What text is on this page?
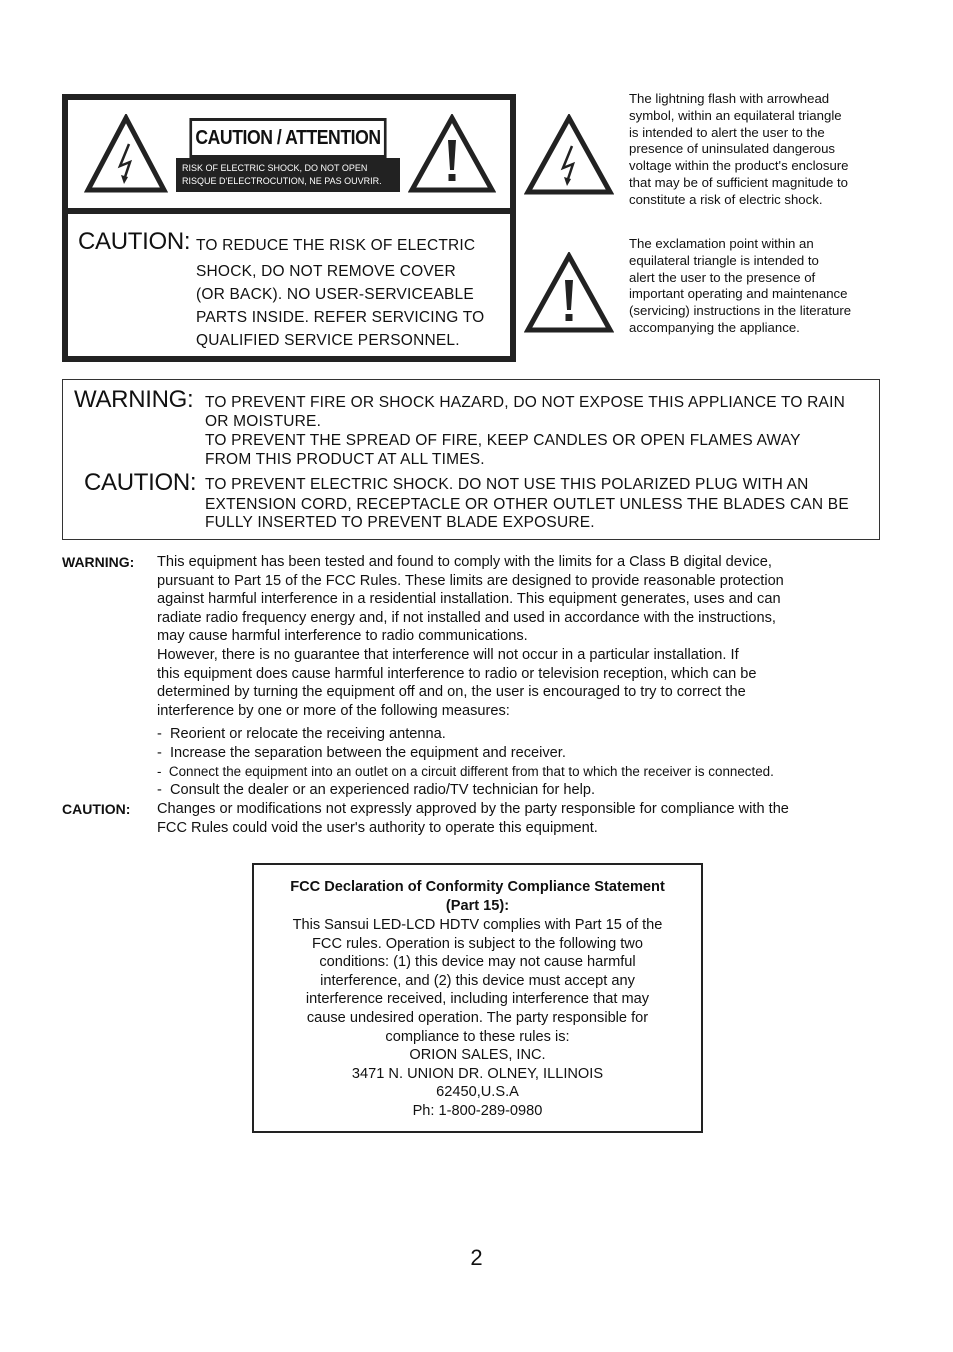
CAUTION / ATTENTION
RISK OF ELECTRIC SHOCK, DO NOT OPEN
RISQUE D'ELECTROCUTION, NE PAS OUVRIR.
CAUTION: TO REDUCE THE RISK OF ELECTRIC
SHOCK, DO NOT REMOVE COVER
(OR BACK). NO USER-SERVICEABLE
PARTS INSIDE. REFER SERVICING TO
QUALIFIED SERVICE PERSONNEL.
The lightning flash with arrowhead
symbol, within an equilateral triangle
is intended to alert the user to the
presence of uninsulated dangerous
voltage within the product's enclosure
that may be of sufficient magnitude to
constitute a risk of electric shock.
The exclamation point within an
equilateral triangle is intended to
alert the user to the presence of
important operating and maintenance
(servicing) instructions in the literature
accompanying the appliance.
WARNING: TO PREVENT FIRE OR SHOCK HAZARD, DO NOT EXPOSE THIS APPLIANCE TO RAIN
OR MOISTURE.
TO PREVENT THE SPREAD OF FIRE, KEEP CANDLES OR OPEN FLAMES AWAY
FROM THIS PRODUCT AT ALL TIMES.
CAUTION: TO PREVENT ELECTRIC SHOCK. DO NOT USE THIS POLARIZED PLUG WITH AN
EXTENSION CORD, RECEPTACLE OR OTHER OUTLET UNLESS THE BLADES CAN BE
FULLY INSERTED TO PREVENT BLADE EXPOSURE.
WARNING: This equipment has been tested and found to comply with the limits for a Class B digital device,
pursuant to Part 15 of the FCC Rules. These limits are designed to provide reasonable protection
against harmful interference in a residential installation. This equipment generates, uses and can
radiate radio frequency energy and, if not installed and used in accordance with the instructions,
may cause harmful interference to radio communications.
However, there is no guarantee that interference will not occur in a particular installation. If
this equipment does cause harmful interference to radio or television reception, which can be
determined by turning the equipment off and on, the user is encouraged to try to correct the
interference by one or more of the following measures:
-  Reorient or relocate the receiving antenna.
-  Increase the separation between the equipment and receiver.
-  Connect the equipment into an outlet on a circuit different from that to which the receiver is connected.
-  Consult the dealer or an experienced radio/TV technician for help.
CAUTION: Changes or modifications not expressly approved by the party responsible for compliance with the
FCC Rules could void the user's authority to operate this equipment.
FCC Declaration of Conformity Compliance Statement
(Part 15):
This Sansui LED-LCD HDTV complies with Part 15 of the
FCC rules. Operation is subject to the following two
conditions: (1) this device may not cause harmful
interference, and (2) this device must accept any
interference received, including interference that may
cause undesired operation. The party responsible for
compliance to these rules is:
ORION SALES, INC.
3471 N. UNION DR. OLNEY, ILLINOIS
62450,U.S.A
Ph: 1-800-289-0980
2
